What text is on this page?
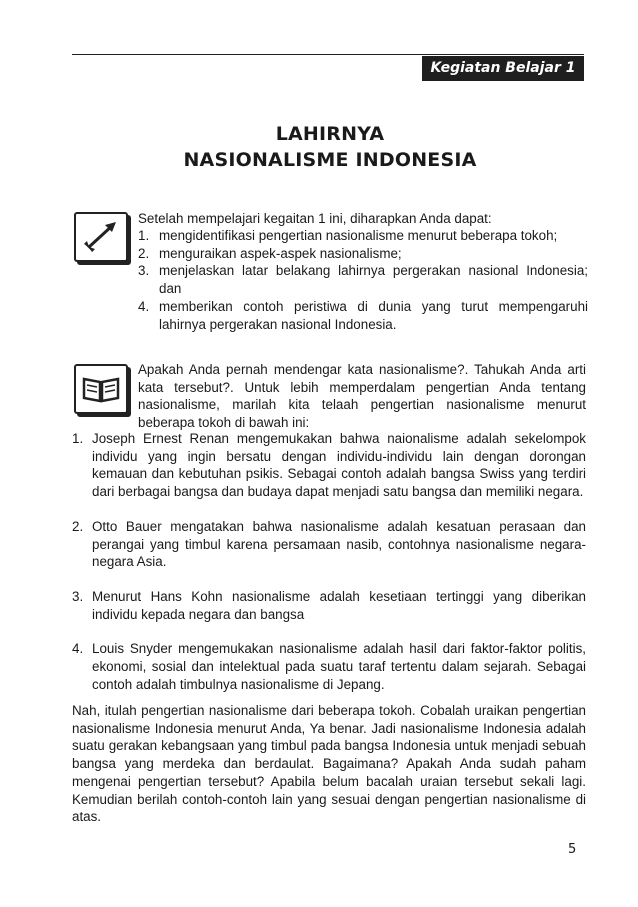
Kegiatan Belajar 1
LAHIRNYA
NASIONALISME INDONESIA
Setelah mempelajari kegaitan 1 ini, diharapkan Anda dapat:
1. mengidentifikasi pengertian nasionalisme menurut beberapa tokoh;
2. menguraikan aspek-aspek nasionalisme;
3. menjelaskan latar belakang lahirnya pergerakan nasional Indonesia; dan
4. memberikan contoh peristiwa di dunia yang turut mempengaruhi lahirnya pergerakan nasional Indonesia.
Apakah Anda pernah mendengar kata nasionalisme?. Tahukah Anda arti kata tersebut?. Untuk lebih memperdalam pengertian Anda tentang nasionalisme, marilah kita telaah pengertian nasionalisme menurut beberapa tokoh di bawah ini:
1. Joseph Ernest Renan mengemukakan bahwa naionalisme adalah sekelompok individu yang ingin bersatu dengan individu-individu lain dengan dorongan kemauan dan kebutuhan psikis. Sebagai contoh adalah bangsa Swiss yang terdiri dari berbagai bangsa dan budaya dapat menjadi satu bangsa dan memiliki negara.
2. Otto Bauer mengatakan bahwa nasionalisme adalah kesatuan perasaan dan perangai yang timbul karena persamaan nasib, contohnya nasionalisme negara-negara Asia.
3. Menurut Hans Kohn nasionalisme adalah kesetiaan tertinggi yang diberikan individu kepada negara dan bangsa
4. Louis Snyder mengemukakan nasionalisme adalah hasil dari faktor-faktor politis, ekonomi, sosial dan intelektual pada suatu taraf tertentu dalam sejarah. Sebagai contoh adalah timbulnya nasionalisme di Jepang.
Nah, itulah pengertian nasionalisme dari beberapa tokoh. Cobalah uraikan pengertian nasionalisme Indonesia menurut Anda, Ya benar. Jadi nasionalisme Indonesia adalah suatu gerakan kebangsaan yang timbul pada bangsa Indonesia untuk menjadi sebuah bangsa yang merdeka dan berdaulat. Bagaimana? Apakah Anda sudah paham mengenai pengertian tersebut? Apabila belum bacalah uraian tersebut sekali lagi. Kemudian berilah contoh-contoh lain yang sesuai dengan pengertian nasionalisme di atas.
5
